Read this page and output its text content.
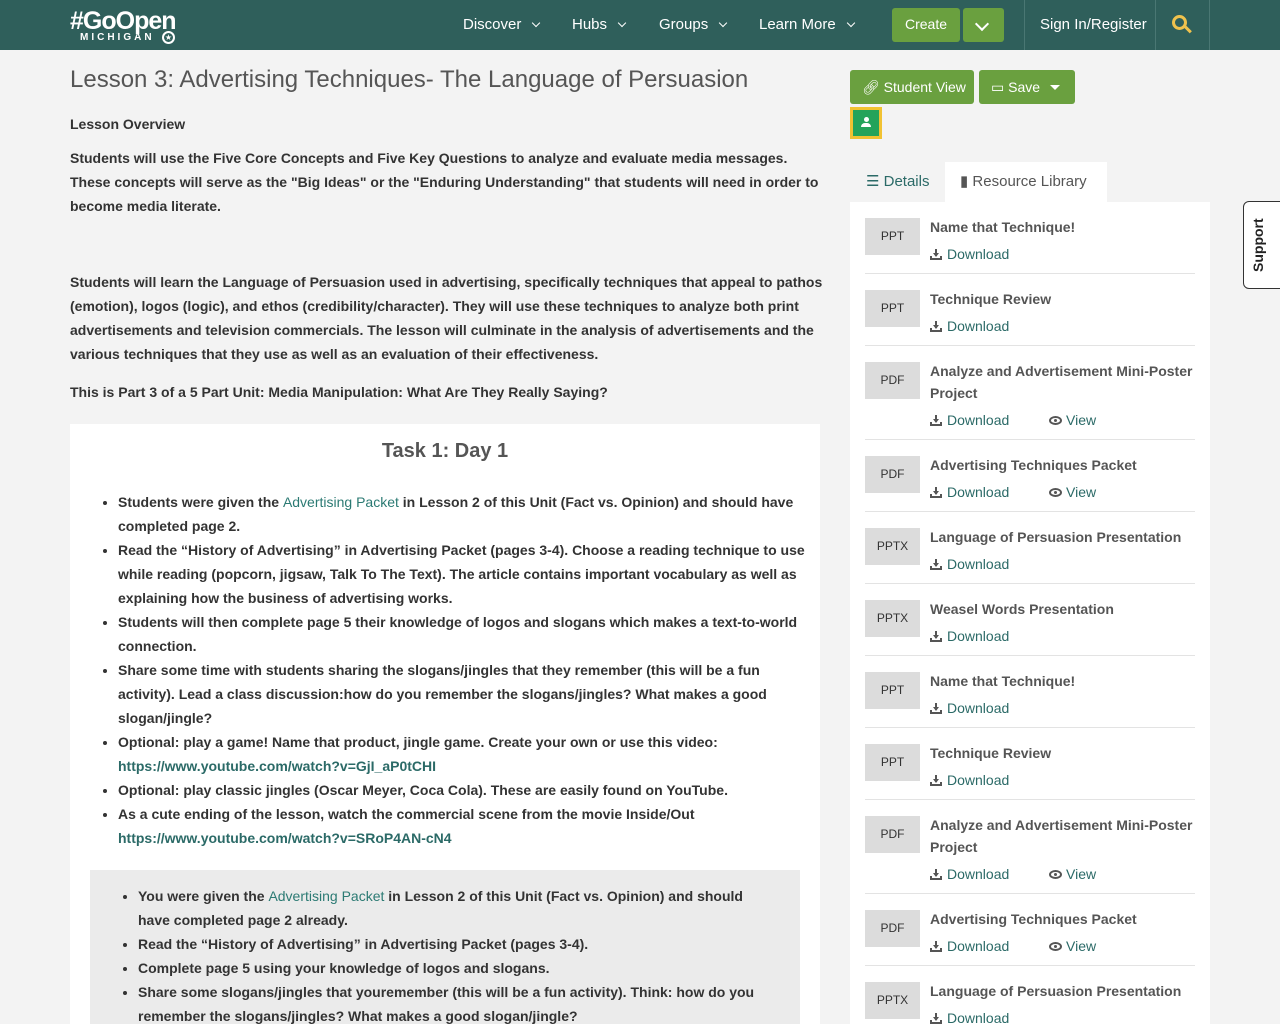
#GoOpen
MICHIGAN	★
Discover	Hubs	Groups	Learn More	Create	Sign In/Register
Lesson 3: Advertising Techniques- The Language of Persuasion
Lesson Overview
Students will use the Five Core Concepts and Five Key Questions to analyze and evaluate media messages. These concepts will serve as the "Big Ideas" or the "Enduring Understanding" that students will need in order to become media literate.
Students will learn the Language of Persuasion used in advertising, specifically techniques that appeal to pathos (emotion), logos (logic), and ethos (credibility/character). They will use these techniques to analyze both print advertisements and television commercials. The lesson will culminate in the analysis of advertisements and the various techniques that they use as well as an evaluation of their effectiveness.
This is Part 3 of a 5 Part Unit: Media Manipulation: What Are They Really Saying?
Task 1: Day 1
• Students were given the Advertising Packet in Lesson 2 of this Unit (Fact vs. Opinion) and should have completed page 2.
• Read the “History of Advertising” in Advertising Packet (pages 3-4). Choose a reading technique to use while reading (popcorn, jigsaw, Talk To The Text). The article contains important vocabulary as well as explaining how the business of advertising works.
• Students will then complete page 5 their knowledge of logos and slogans which makes a text-to-world connection.
• Share some time with students sharing the slogans/jingles that they remember (this will be a fun activity). Lead a class discussion:how do you remember the slogans/jingles? What makes a good slogan/jingle?
• Optional: play a game! Name that product, jingle game. Create your own or use this video:
https://www.youtube.com/watch?v=GjI_aP0tCHI
• Optional: play classic jingles (Oscar Meyer, Coca Cola). These are easily found on YouTube.
• As a cute ending of the lesson, watch the commercial scene from the movie Inside/Out
https://www.youtube.com/watch?v=SRoP4AN-cN4
• You were given the Advertising Packet in Lesson 2 of this Unit (Fact vs. Opinion) and should have completed page 2 already.
• Read the “History of Advertising” in Advertising Packet (pages 3-4).
• Complete page 5 using your knowledge of logos and slogans.
• Share some slogans/jingles that youremember (this will be a fun activity). Think: how do you remember the slogans/jingles? What makes a good slogan/jingle?
🔗︎ Student View	▭ Save
☰ Details	▮ Resource Library
PPT
Name that Technique!
Download
PPT
Technique Review
Download
PDF
Analyze and Advertisement Mini-Poster Project
Download	View
PDF
Advertising Techniques Packet
Download	View
PPTX
Language of Persuasion Presentation
Download
PPTX
Weasel Words Presentation
Download
PPT
Name that Technique!
Download
PPT
Technique Review
Download
PDF
Analyze and Advertisement Mini-Poster Project
Download	View
PDF
Advertising Techniques Packet
Download	View
PPTX
Language of Persuasion Presentation
Download
Support
